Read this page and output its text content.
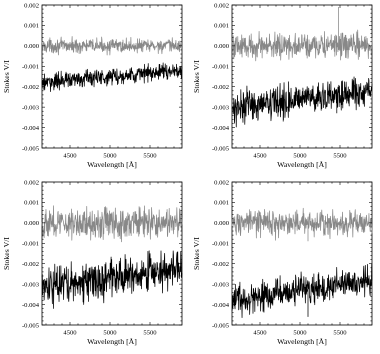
-0.005
-0.004
-0.003
-0.002
-0.001
0.000
0.001
0.002
4500	5000	5500
Wavelength [Å]
Stokes V/I
-0.005
-0.004
-0.003
-0.002
-0.001
0.000
0.001
0.002
4500	5000	5500
Wavelength [Å]
Stokes V/I
-0.005
-0.004
-0.003
-0.002
-0.001
0.000
0.001
0.002
4500	5000	5500
Wavelength [Å]
Stokes V/I
-0.005
-0.004
-0.003
-0.002
-0.001
0.000
0.001
0.002
4500	5000	5500
Wavelength [Å]
Stokes V/I
